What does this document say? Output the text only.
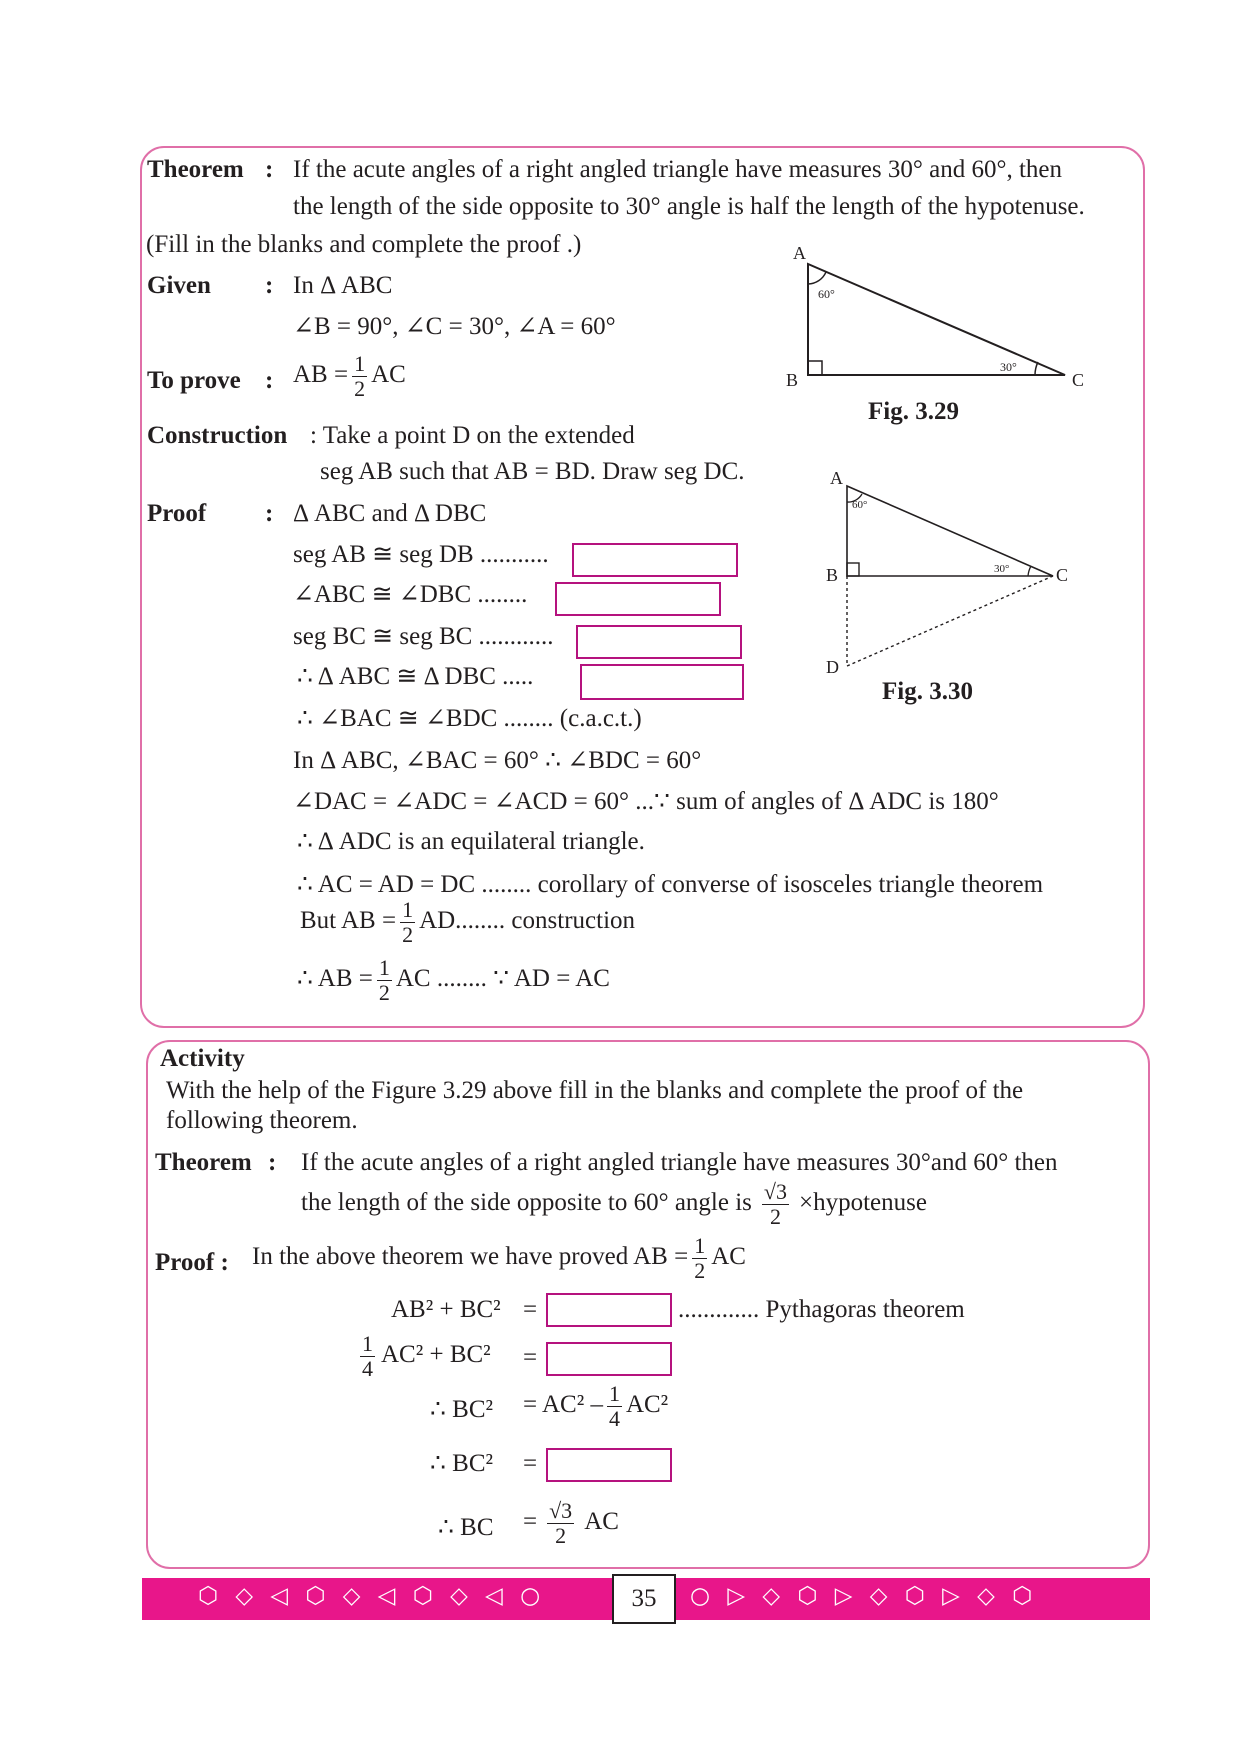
Theorem : If the acute angles of a right angled triangle have measures 30° and 60°, then
the length of the side opposite to 30° angle is half the length of the hypotenuse.
(Fill in the blanks and complete the proof .)
Given : In Δ ABC
∠B = 90°, ∠C = 30°, ∠A = 60°
To prove : AB = $\frac{1}{2}$ AC
Construction : Take a point D on the extended
seg AB such that AB = BD. Draw seg DC.
Proof : Δ ABC and Δ DBC
seg AB ≅ seg DB ...........
∠ABC ≅ ∠DBC ........
seg BC ≅ seg BC ............
∴ Δ ABC ≅ Δ DBC .....
∴ ∠BAC ≅ ∠BDC ........ (c.a.c.t.)
In Δ ABC, ∠BAC = 60° ∴ ∠BDC = 60°
∠DAC = ∠ADC = ∠ACD = 60° ...∵ sum of angles of Δ ADC is 180°
∴ Δ ADC is an equilateral triangle.
∴ AC = AD = DC ........ corollary of converse of isosceles triangle theorem
But AB = $\frac{1}{2}$ AD........ construction
∴ AB = $\frac{1}{2}$ AC ........ ∵ AD = AC
A
B	C
60°
30°
Fig. 3.29
A
B	C
D
60°
30°
Fig. 3.30
Activity
With the help of the Figure 3.29 above fill in the blanks and complete the proof of the
following theorem.
Theorem : If the acute angles of a right angled triangle have measures 30°and 60° then
the length of the side opposite to 60° angle is $\frac{√3}{2}$ ×hypotenuse
Proof : In the above theorem we have proved AB = $\frac{1}{2}$ AC
AB² + BC² =	............. Pythagoras theorem
$\frac{1}{4} AC^2 + BC^2$ =
∴ $BC^2 = AC^2 - \frac{1}{4} AC^2$
∴ BC² =
∴ BC = $\frac{√3}{2}$ AC
⬡ ◇ ◁ ⬡ ◇ ◁ ⬡ ◇ ◁ ○	35	○ ▷ ◇ ⬡ ▷ ◇ ⬡ ▷ ◇ ⬡
